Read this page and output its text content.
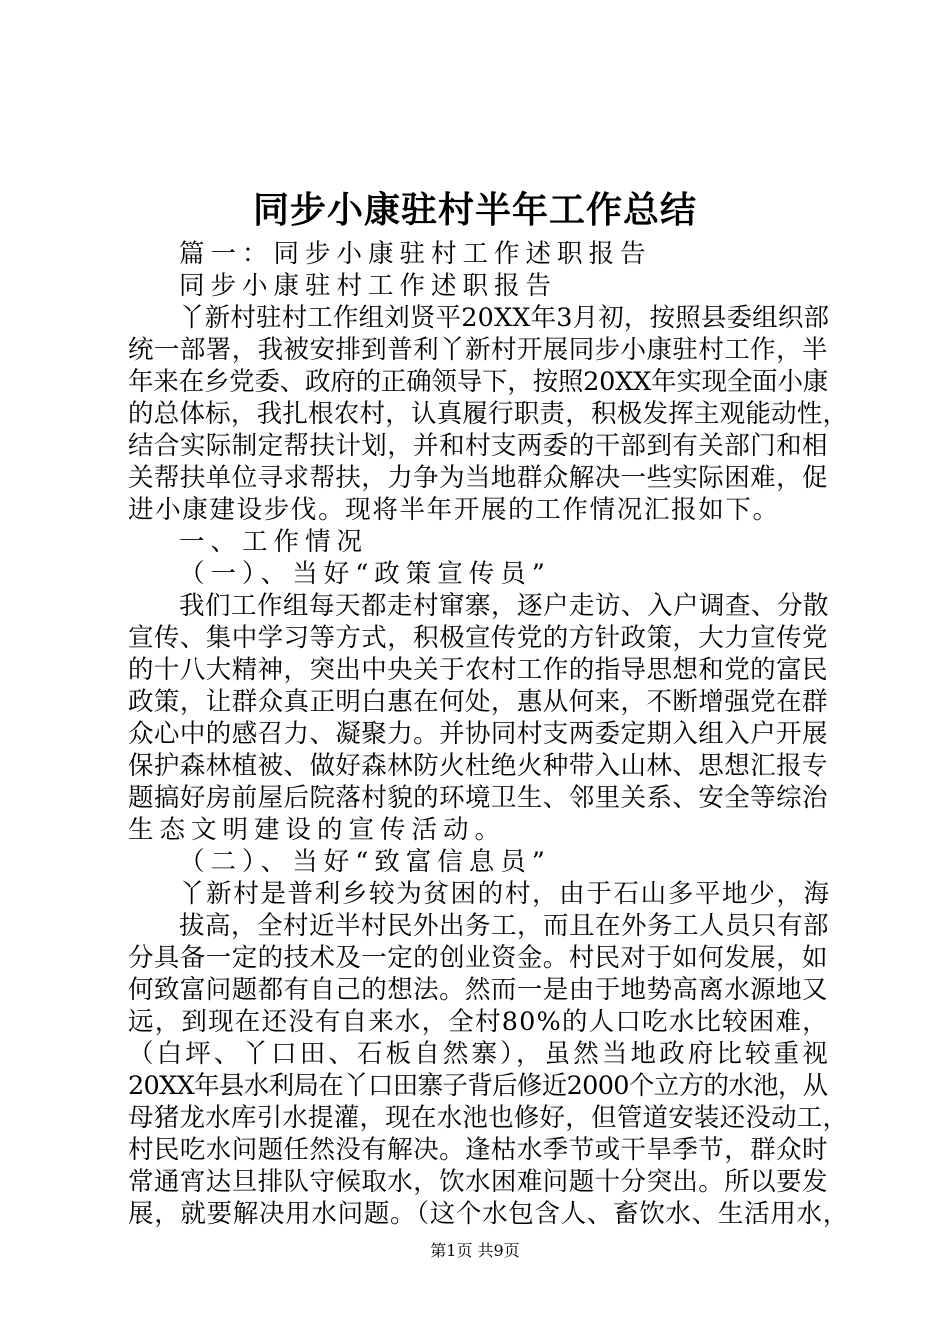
同步小康驻村半年工作总结
篇一：同步小康驻村工作述职报告
同步小康驻村工作述职报告
丫新村驻村工作组刘贤平20XX年3月初，按照县委组织部
统一部署，我被安排到普利丫新村开展同步小康驻村工作，半
年来在乡党委、政府的正确领导下，按照20XX年实现全面小康
的总体标，我扎根农村，认真履行职责，积极发挥主观能动性，
结合实际制定帮扶计划，并和村支两委的干部到有关部门和相
关帮扶单位寻求帮扶，力争为当地群众解决一些实际困难，促
进小康建设步伐。现将半年开展的工作情况汇报如下。
一、工作情况
（一）、当好“政策宣传员”
我们工作组每天都走村窜寨，逐户走访、入户调查、分散
宣传、集中学习等方式，积极宣传党的方针政策，大力宣传党
的十八大精神，突出中央关于农村工作的指导思想和党的富民
政策，让群众真正明白惠在何处，惠从何来，不断增强党在群
众心中的感召力、凝聚力。并协同村支两委定期入组入户开展
保护森林植被、做好森林防火杜绝火种带入山林、思想汇报专
题搞好房前屋后院落村貌的环境卫生、邻里关系、安全等综治
生态文明建设的宣传活动。
（二）、当好“致富信息员”
丫新村是普利乡较为贫困的村，由于石山多平地少，海
拔高，全村近半村民外出务工，而且在外务工人员只有部
分具备一定的技术及一定的创业资金。村民对于如何发展，如
何致富问题都有自己的想法。然而一是由于地势高离水源地又
远，到现在还没有自来水，全村80%的人口吃水比较困难，
（白坪、丫口田、石板自然寨），虽然当地政府比较重视
20XX年县水利局在丫口田寨子背后修近2000个立方的水池，从
母猪龙水库引水提灌，现在水池也修好，但管道安装还没动工，
村民吃水问题任然没有解决。逢枯水季节或干旱季节，群众时
常通宵达旦排队守候取水，饮水困难问题十分突出。所以要发
展，就要解决用水问题。（这个水包含人、畜饮水、生活用水，
第1页 共9页
